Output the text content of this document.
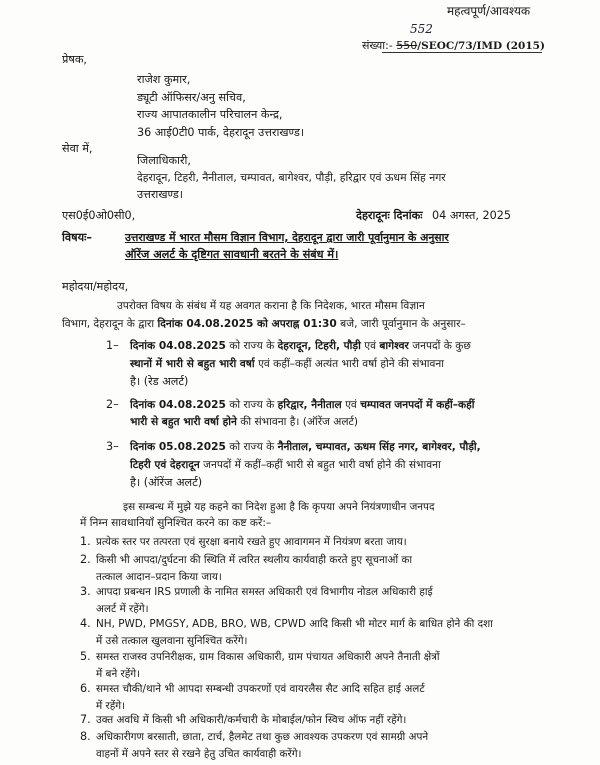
महत्वपूर्ण/आवश्यक
संख्या:- 550/SEOC/73/IMD (2015)
552
प्रेषक,
राजेश कुमार,
ड्यूटी ऑफिसर/अनु सचिव,
राज्य आपातकालीन परिचालन केन्द्र,
36 आई0टी0 पार्क, देहरादून उत्तराखण्ड।
सेवा में,
जिलाधिकारी,
देहरादून, टिहरी, नैनीताल, चम्पावत, बागेश्वर, पौड़ी, हरिद्वार एवं ऊधम सिंह नगर
उत्तराखण्ड।
एस0ई0ओ0सी0,	देहरादूनः दिनांकः 04 अगस्त, 2025
विषयः–	उत्तराखण्ड में भारत मौसम विज्ञान विभाग, देहरादून द्वारा जारी पूर्वानुमान के अनुसार
ऑरेंज अलर्ट के दृष्टिगत सावधानी बरतने के संबंध में।
महोदया/महोदय,
उपरोक्त विषय के संबंध में यह अवगत कराना है कि निदेशक, भारत मौसम विज्ञान
विभाग, देहरादून के द्वारा दिनांक 04.08.2025 को अपराह्न 01:30 बजे, जारी पूर्वानुमान के अनुसार–
1– दिनांक 04.08.2025 को राज्य के देहरादून, टिहरी, पौड़ी एवं बागेश्वर जनपदों के कुछ
स्थानों में भारी से बहुत भारी वर्षा एवं कहीं–कहीं अत्यंत भारी वर्षा होने की संभावना
है। (रेड अलर्ट)
2– दिनांक 04.08.2025 को राज्य के हरिद्वार, नैनीताल एवं चम्पावत जनपदों में कहीं–कहीं
भारी से बहुत भारी वर्षा होने की संभावना है। (ऑरेंज अलर्ट)
3– दिनांक 05.08.2025 को राज्य के नैनीताल, चम्पावत, ऊधम सिंह नगर, बागेश्वर, पौड़ी,
टिहरी एवं देहरादून जनपदों में कहीं–कहीं भारी से बहुत भारी वर्षा होने की संभावना
है। (ऑरेंज अलर्ट)
इस सम्बन्ध में मुझे यह कहने का निदेश हुआ है कि कृपया अपने नियंत्रणाधीन जनपद
में निम्न सावधानियाँ सुनिश्चित करने का कष्ट करें:–
1. प्रत्येक स्तर पर तत्परता एवं सुरक्षा बनाये रखते हुए आवागमन में नियंत्रण बरता जाय।
2. किसी भी आपदा/दुर्घटना की स्थिति में त्वरित स्थलीय कार्यवाही करते हुए सूचनाओं का
तत्काल आदान–प्रदान किया जाय।
3. आपदा प्रबन्धन IRS प्रणाली के नामित समस्त अधिकारी एवं विभागीय नोडल अधिकारी हाई
अलर्ट में रहेंगे।
4. NH, PWD, PMGSY, ADB, BRO, WB, CPWD आदि किसी भी मोटर मार्ग के बाधित होने की दशा
में उसे तत्काल खुलवाना सुनिश्चित करेंगे।
5. समस्त राजस्व उपनिरीक्षक, ग्राम विकास अधिकारी, ग्राम पंचायत अधिकारी अपने तैनाती क्षेत्रों
में बने रहेंगे।
6. समस्त चौकी/थाने भी आपदा सम्बन्धी उपकरणों एवं वायरलैस सैट आदि सहित हाई अलर्ट
में रहेंगे।
7. उक्त अवधि में किसी भी अधिकारी/कर्मचारी के मोबाईल/फोन स्विच ऑफ नहीं रहेंगे।
8. अधिकारीगण बरसाती, छाता, टार्च, हैलमेट तथा कुछ आवश्यक उपकरण एवं सामग्री अपने
वाहनों में अपने स्तर से रखने हेतु उचित कार्यवाही करेंगे।
